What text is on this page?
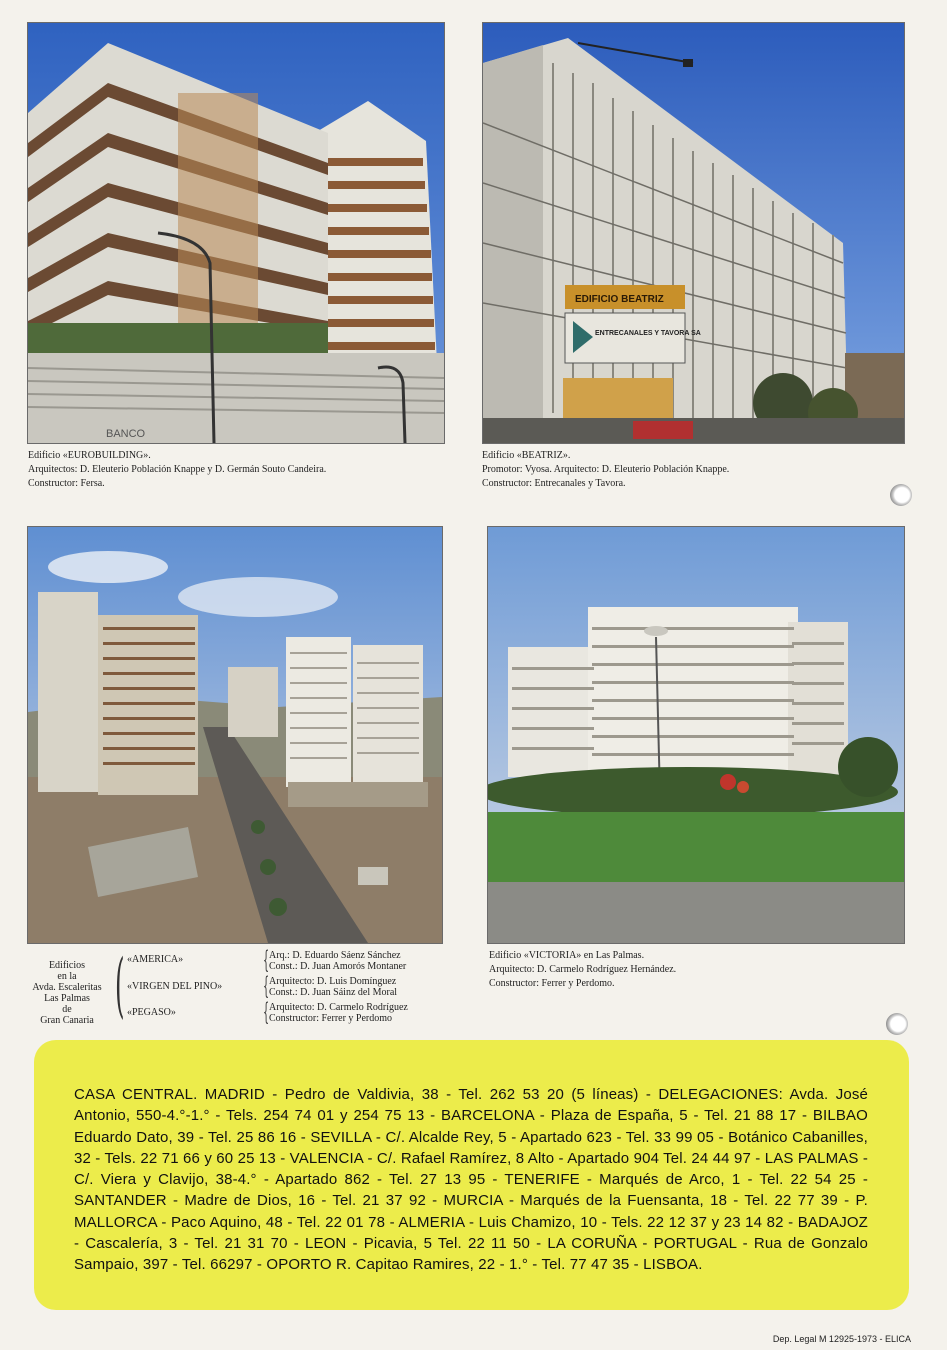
BANCO
Edificio «EUROBUILDING».
Arquitectos: D. Eleuterio Población Knappe y D. Germán Souto Candeira.
Constructor: Fersa.
EDIFICIO BEATRIZ
ENTRECANALES Y TAVORA SA
Edificio «BEATRIZ».
Promotor: Vyosa. Arquitecto: D. Eleuterio Población Knappe.
Constructor: Entrecanales y Tavora.
Edificios
en la
Avda. Escaleritas
Las Palmas
de
Gran Canaria ( «AMERICA»
«VIRGEN DEL PINO»
«PEGASO»
{
{
{
Arq.: D. Eduardo Sáenz Sánchez
Const.: D. Juan Amorós Montaner
Arquitecto: D. Luis Domínguez
Const.: D. Juan Sáinz del Moral
Arquitecto: D. Carmelo Rodríguez
Constructor: Ferrer y Perdomo
Edificio «VICTORIA» en Las Palmas.
Arquitecto: D. Carmelo Rodríguez Hernández.
Constructor: Ferrer y Perdomo.
CASA CENTRAL. MADRID - Pedro de Valdivia, 38 - Tel. 262 53 20 (5 líneas) - DELEGACIONES: Avda. José Antonio, 550-4.°-1.° - Tels. 254 74 01 y 254 75 13 - BARCELONA - Plaza de España, 5 - Tel. 21 88 17 - BILBAO Eduardo Dato, 39 - Tel. 25 86 16 - SEVILLA - C/. Alcalde Rey, 5 - Apartado 623 - Tel. 33 99 05 - Botánico Cabanilles, 32 - Tels. 22 71 66 y 60 25 13 - VALENCIA - C/. Rafael Ramírez, 8 Alto - Apartado 904 Tel. 24 44 97 - LAS PALMAS - C/. Viera y Clavijo, 38-4.° - Apartado 862 - Tel. 27 13 95 - TENERIFE - Marqués de Arco, 1 - Tel. 22 54 25 - SANTANDER - Madre de Dios, 16 - Tel. 21 37 92 - MURCIA - Marqués de la Fuensanta, 18 - Tel. 22 77 39 - P. MALLORCA - Paco Aquino, 48 - Tel. 22 01 78 - ALMERIA - Luis Chamizo, 10 - Tels. 22 12 37 y 23 14 82 - BADAJOZ - Cascalería, 3 - Tel. 21 31 70 - LEON - Picavia, 5 Tel. 22 11 50 - LA CORUÑA - PORTUGAL - Rua de Gonzalo Sampaio, 397 - Tel. 66297 - OPORTO R. Capitao Ramires, 22 - 1.° - Tel. 77 47 35 - LISBOA.
Dep. Legal M 12925-1973 - ELICA
